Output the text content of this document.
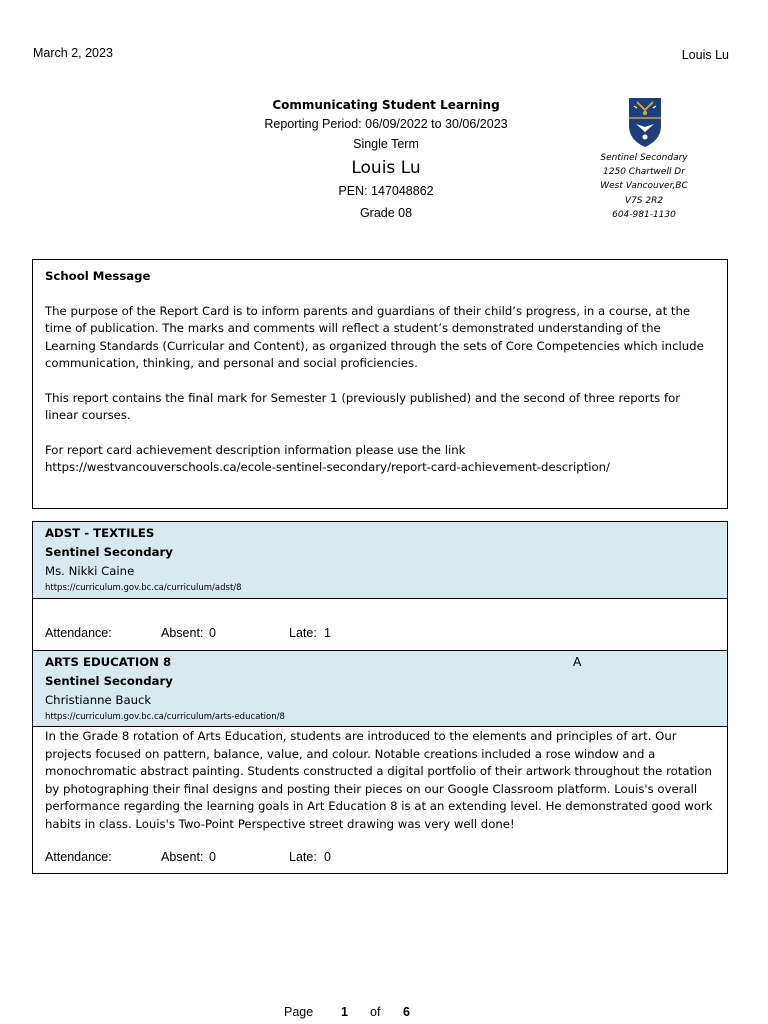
March 2, 2023	Louis Lu
Communicating Student Learning
Reporting Period: 06/09/2022 to 30/06/2023
Single Term
Louis Lu
PEN: 147048862
Grade 08
Sentinel Secondary
1250 Chartwell Dr
West Vancouver,BC
V7S 2R2
604-981-1130
School Message

The purpose of the Report Card is to inform parents and guardians of their child’s progress, in a course, at the time of publication. The marks and comments will reflect a student’s demonstrated understanding of the Learning Standards (Curricular and Content), as organized through the sets of Core Competencies which include communication, thinking, and personal and social proficiencies.

This report contains the final mark for Semester 1 (previously published) and the second of three reports for linear courses.

For report card achievement description information please use the link
https://westvancouverschools.ca/ecole-sentinel-secondary/report-card-achievement-description/
ADST - TEXTILES
Sentinel Secondary
Ms. Nikki Caine
https://curriculum.gov.bc.ca/curriculum/adst/8
Attendance:	Absent: 0	Late: 1
ARTS EDUCATION 8	A
Sentinel Secondary
Christianne Bauck
https://curriculum.gov.bc.ca/curriculum/arts-education/8
In the Grade 8 rotation of Arts Education, students are introduced to the elements and principles of art. Our projects focused on pattern, balance, value, and colour. Notable creations included a rose window and a monochromatic abstract painting. Students constructed a digital portfolio of their artwork throughout the rotation by photographing their final designs and posting their pieces on our Google Classroom platform. Louis's overall performance regarding the learning goals in Art Education 8 is at an extending level. He demonstrated good work habits in class. Louis's Two-Point Perspective street drawing was very well done!
Attendance:	Absent: 0	Late: 0
Page 1 of 6
